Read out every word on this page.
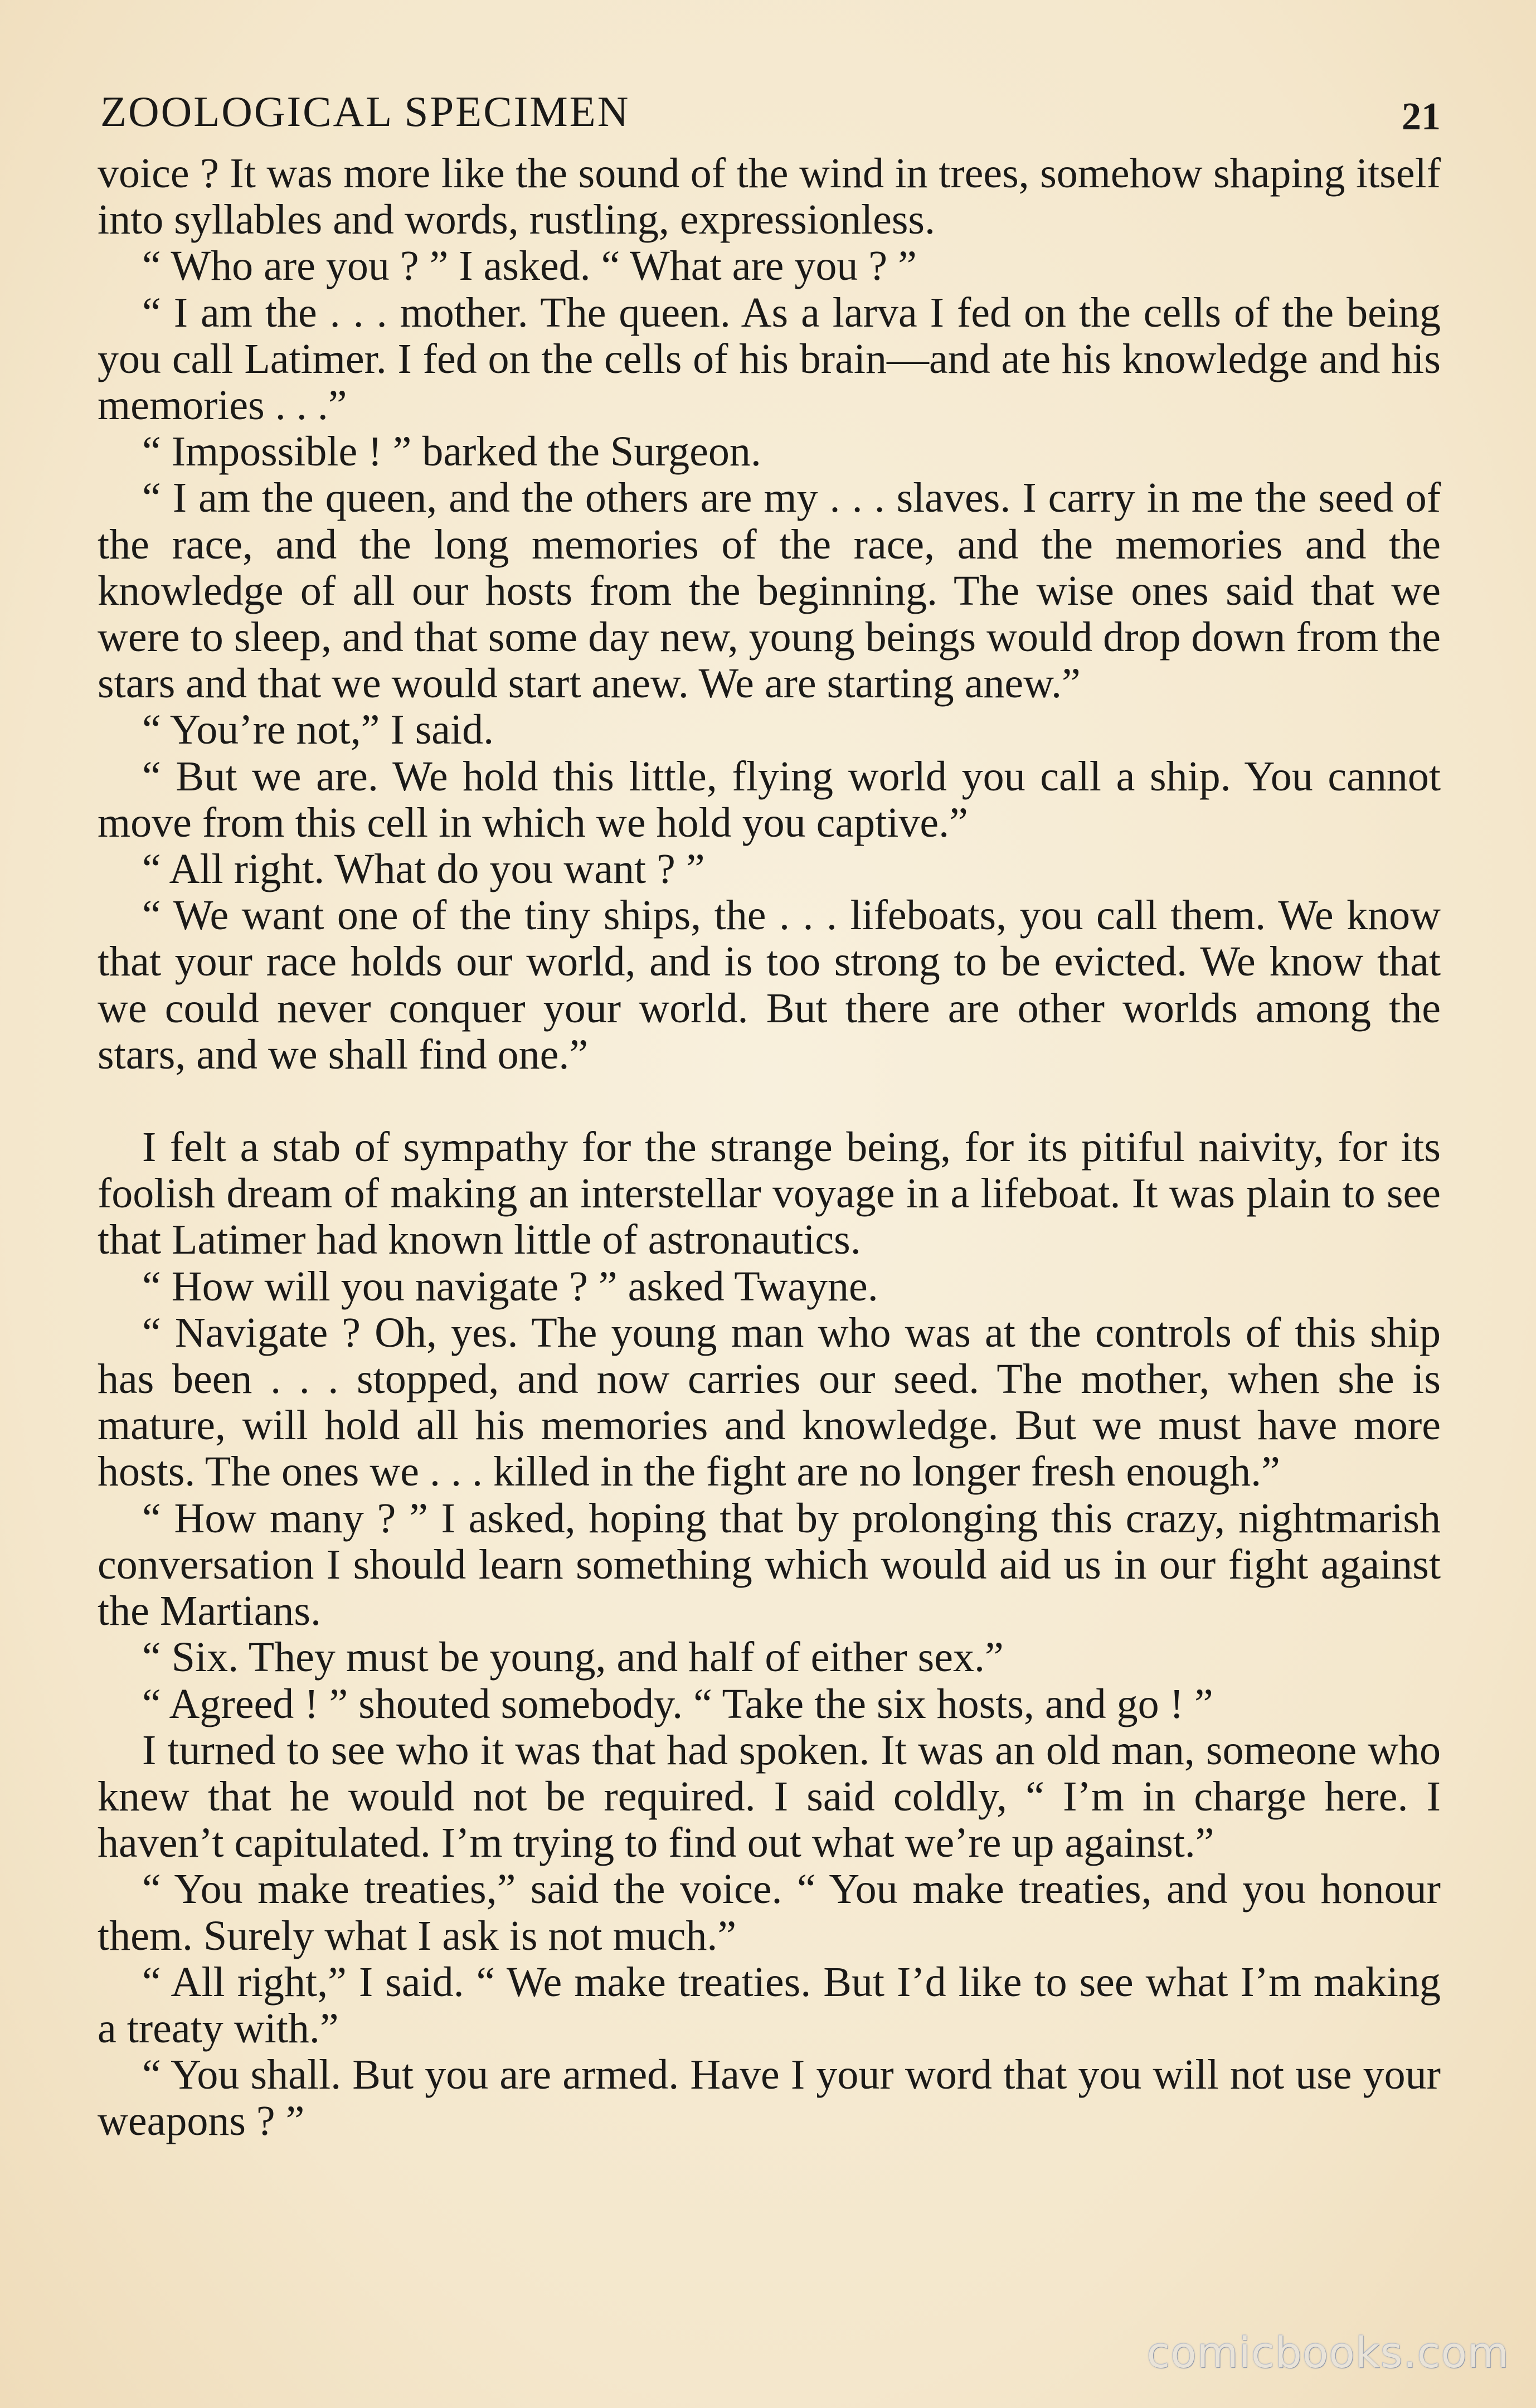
ZOOLOGICAL SPECIMEN	21

voice ? It was more like the sound of the wind in trees, somehow shaping itself into syllables and words, rustling, expressionless.

“ Who are you ? ” I asked. “ What are you ? ”

“ I am the . . . mother. The queen. As a larva I fed on the cells of the being you call Latimer. I fed on the cells of his brain—and ate his knowledge and his memories . . .”

“ Impossible ! ” barked the Surgeon.

“ I am the queen, and the others are my . . . slaves. I carry in me the seed of the race, and the long memories of the race, and the memories and the knowledge of all our hosts from the beginning. The wise ones said that we were to sleep, and that some day new, young beings would drop down from the stars and that we would start anew. We are starting anew.”

“ You’re not,” I said.

“ But we are. We hold this little, flying world you call a ship. You cannot move from this cell in which we hold you captive.”

“ All right. What do you want ? ”

“ We want one of the tiny ships, the . . . lifeboats, you call them. We know that your race holds our world, and is too strong to be evicted. We know that we could never conquer your world. But there are other worlds among the stars, and we shall find one.”

I felt a stab of sympathy for the strange being, for its pitiful naivity, for its foolish dream of making an interstellar voyage in a lifeboat. It was plain to see that Latimer had known little of astronautics.

“ How will you navigate ? ” asked Twayne.

“ Navigate ? Oh, yes. The young man who was at the controls of this ship has been . . . stopped, and now carries our seed. The mother, when she is mature, will hold all his memories and knowledge. But we must have more hosts. The ones we . . . killed in the fight are no longer fresh enough.”

“ How many ? ” I asked, hoping that by prolonging this crazy, nightmarish conversation I should learn something which would aid us in our fight against the Martians.

“ Six. They must be young, and half of either sex.”

“ Agreed ! ” shouted somebody. “ Take the six hosts, and go ! ”

I turned to see who it was that had spoken. It was an old man, someone who knew that he would not be required. I said coldly, “ I’m in charge here. I haven’t capitulated. I’m trying to find out what we’re up against.”

“ You make treaties,” said the voice. “ You make treaties, and you honour them. Surely what I ask is not much.”

“ All right,” I said. “ We make treaties. But I’d like to see what I’m making a treaty with.”

“ You shall. But you are armed. Have I your word that you will not use your weapons ? ”

comicbooks.com
